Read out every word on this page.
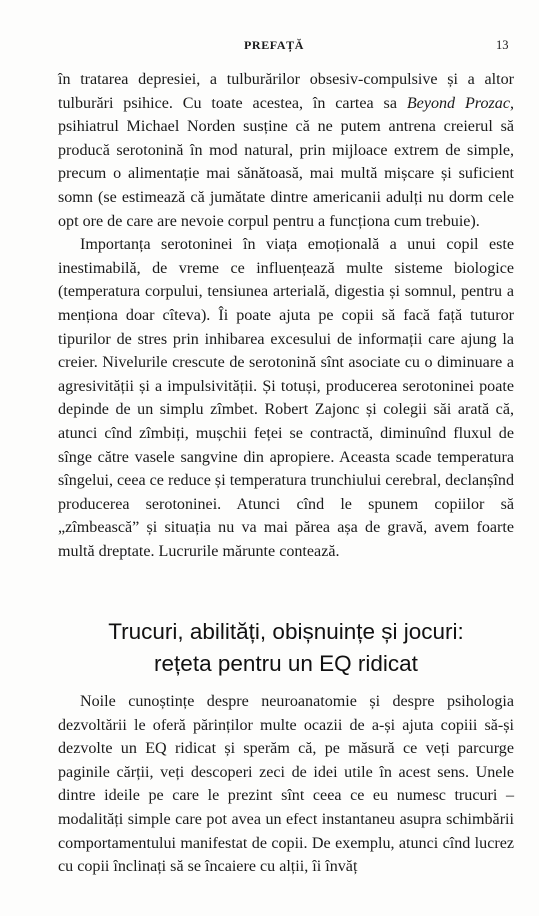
PREFAȚĂ	13

în tratarea depresiei, a tulburărilor obsesiv-compulsive și a altor tulburări psihice. Cu toate acestea, în cartea sa Beyond Prozac, psihiatrul Michael Norden susține că ne putem antrena creierul să producă serotonină în mod natural, prin mijloace extrem de simple, precum o alimentație mai sănătoasă, mai multă mișcare și suficient somn (se estimează că jumătate dintre americanii adulți nu dorm cele opt ore de care are nevoie corpul pentru a funcționa cum trebuie).

Importanța serotoninei în viața emoțională a unui copil este inestimabilă, de vreme ce influențează multe sisteme biologice (temperatura corpului, tensiunea arterială, digestia și somnul, pentru a menționa doar cîteva). Îi poate ajuta pe copii să facă față tuturor tipurilor de stres prin inhibarea excesului de informații care ajung la creier. Nivelurile crescute de serotonină sînt asociate cu o diminuare a agresivității și a impulsivității. Și totuși, producerea serotoninei poate depinde de un simplu zîmbet. Robert Zajonc și colegii săi arată că, atunci cînd zîmbiți, mușchii feței se contractă, diminuînd fluxul de sînge către vasele sangvine din apropiere. Aceasta scade temperatura sîngelui, ceea ce reduce și temperatura trunchiului cerebral, declanșînd producerea serotoninei. Atunci cînd le spunem copiilor să „zîmbească” și situația nu va mai părea așa de gravă, avem foarte multă dreptate. Lucrurile mărunte contează.

Trucuri, abilități, obișnuințe și jocuri:
rețeta pentru un EQ ridicat

Noile cunoștințe despre neuroanatomie și despre psihologia dezvoltării le oferă părinților multe ocazii de a-și ajuta copiii să-și dezvolte un EQ ridicat și sperăm că, pe măsură ce veți parcurge paginile cărții, veți descoperi zeci de idei utile în acest sens. Unele dintre ideile pe care le prezint sînt ceea ce eu numesc trucuri – modalități simple care pot avea un efect instantaneu asupra schimbării comportamentului manifestat de copii. De exemplu, atunci cînd lucrez cu copii înclinați să se încaiere cu alții, îi învăț
